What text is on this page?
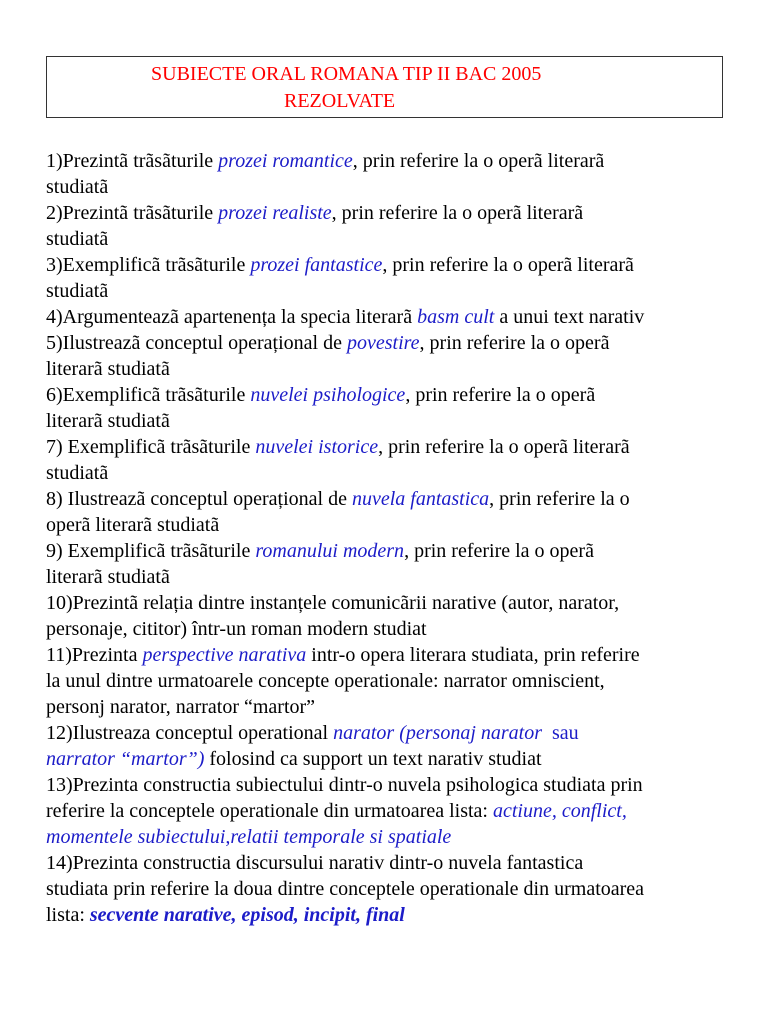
SUBIECTE ORAL ROMANA TIP II BAC 2005
REZOLVATE
1)Prezintã trãsãturile prozei romantice, prin referire la o operã literarã
studiatã
2)Prezintã trãsãturile prozei realiste, prin referire la o operã literarã
studiatã
3)Exemplificã trãsãturile prozei fantastice, prin referire la o operã literarã
studiatã
4)Argumenteazã apartenența la specia literarã basm cult a unui text narativ
5)Ilustreazã conceptul operațional de povestire, prin referire la o operã
literarã studiatã
6)Exemplificã trãsãturile nuvelei psihologice, prin referire la o operã
literarã studiatã
7) Exemplificã trãsãturile nuvelei istorice, prin referire la o operã literarã
studiatã
8) Ilustreazã conceptul operațional de nuvela fantastica, prin referire la o
operã literarã studiatã
9) Exemplificã trãsãturile romanului modern, prin referire la o operã
literarã studiatã
10)Prezintã relația dintre instanțele comunicãrii narative (autor, narator,
personaje, cititor) într-un roman modern studiat
11)Prezinta perspective narativa intr-o opera literara studiata, prin referire
la unul dintre urmatoarele concepte operationale: narrator omniscient,
personj narator, narrator “martor”
12)Ilustreaza conceptul operational narator (personaj narator  sau
narrator “martor”) folosind ca support un text narativ studiat
13)Prezinta constructia subiectului dintr-o nuvela psihologica studiata prin
referire la conceptele operationale din urmatoarea lista: actiune, conflict,
momentele subiectului,relatii temporale si spatiale
14)Prezinta constructia discursului narativ dintr-o nuvela fantastica
studiata prin referire la doua dintre conceptele operationale din urmatoarea
lista: secvente narative, episod, incipit, final
